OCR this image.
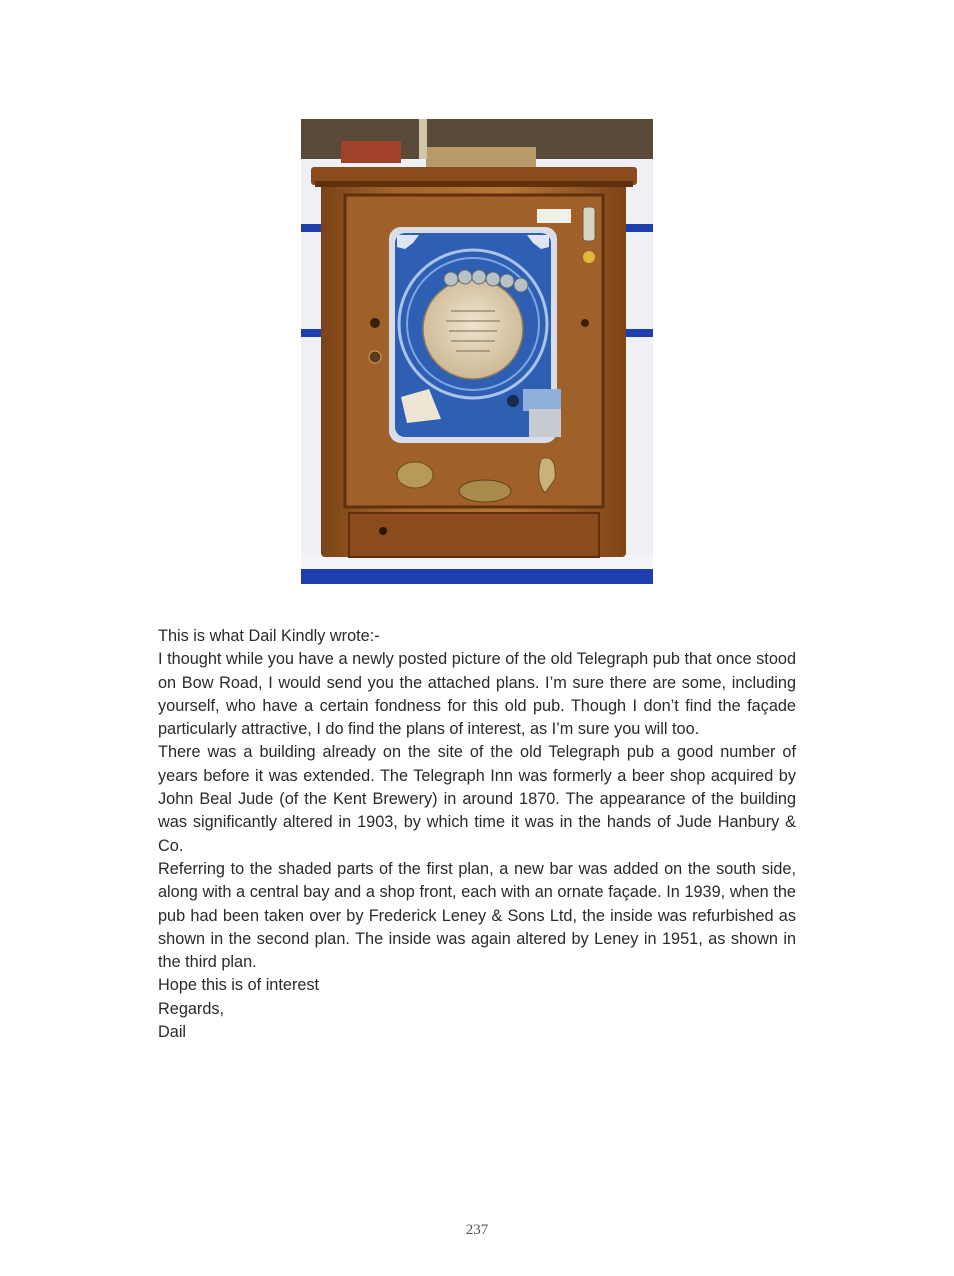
This is what Dail Kindly wrote:-

I thought while you have a newly posted picture of the old Telegraph pub that once stood on Bow Road, I would send you the attached plans. I’m sure there are some, including yourself, who have a certain fondness for this old pub. Though I don’t find the façade particularly attractive, I do find the plans of interest, as I’m sure you will too.

There was a building already on the site of the old Telegraph pub a good number of years before it was extended. The Telegraph Inn was formerly a beer shop acquired by John Beal Jude (of the Kent Brewery) in around 1870. The appearance of the building was significantly altered in 1903, by which time it was in the hands of Jude Hanbury & Co.

Referring to the shaded parts of the first plan, a new bar was added on the south side, along with a central bay and a shop front, each with an ornate façade. In 1939, when the pub had been taken over by Frederick Leney & Sons Ltd, the inside was refurbished as shown in the second plan. The inside was again altered by Leney in 1951, as shown in the third plan.

Hope this is of interest

Regards,

Dail

237
